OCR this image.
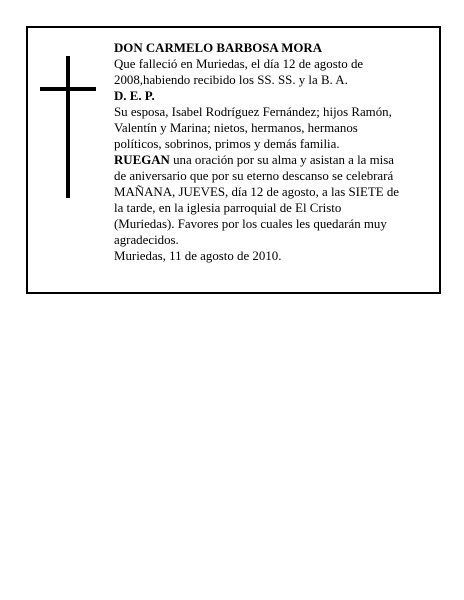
DON CARMELO BARBOSA MORA

Que falleció en Muriedas, el día 12 de agosto de

2008,habiendo recibido los SS. SS. y la B. A.

D. E. P.

Su esposa, Isabel Rodríguez Fernández; hijos Ramón,

Valentín y Marina; nietos, hermanos, hermanos

políticos, sobrinos, primos y demás familia.

RUEGAN una oración por su alma y asistan a la misa

de aniversario que por su eterno descanso se celebrará

MAÑANA, JUEVES, día 12 de agosto, a las SIETE de

la tarde, en la iglesia parroquial de El Cristo

(Muriedas). Favores por los cuales les quedarán muy

agradecidos.

Muriedas, 11 de agosto de 2010.
